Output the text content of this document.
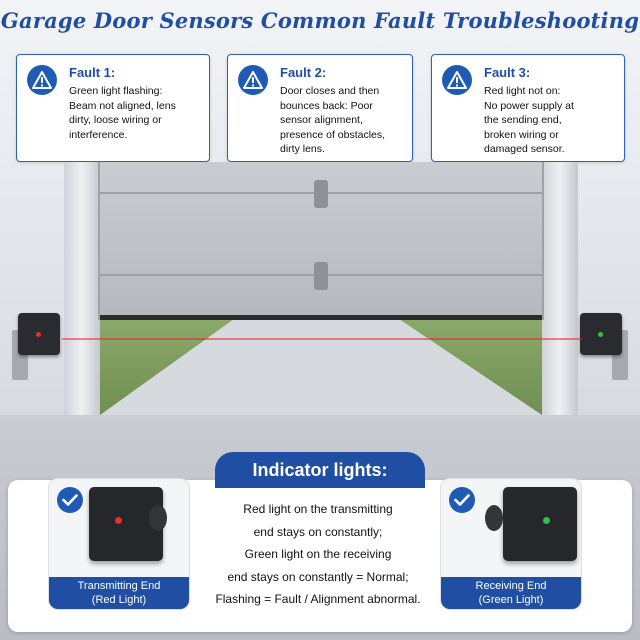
Garage Door Sensors Common Fault Troubleshooting
Fault 1:
Green light flashing:
Beam not aligned, lens
dirty, loose wiring or
interference.
Fault 2:
Door closes and then
bounces back: Poor
sensor alignment,
presence of obstacles,
dirty lens.
Fault 3:
Red light not on:
No power supply at
the sending end,
broken wiring or
damaged sensor.
Indicator lights:
Transmitting End
(Red Light)
Red light on the transmitting
end stays on constantly;
Green light on the receiving
end stays on constantly = Normal;
Flashing = Fault / Alignment abnormal.
Receiving End
(Green Light)
